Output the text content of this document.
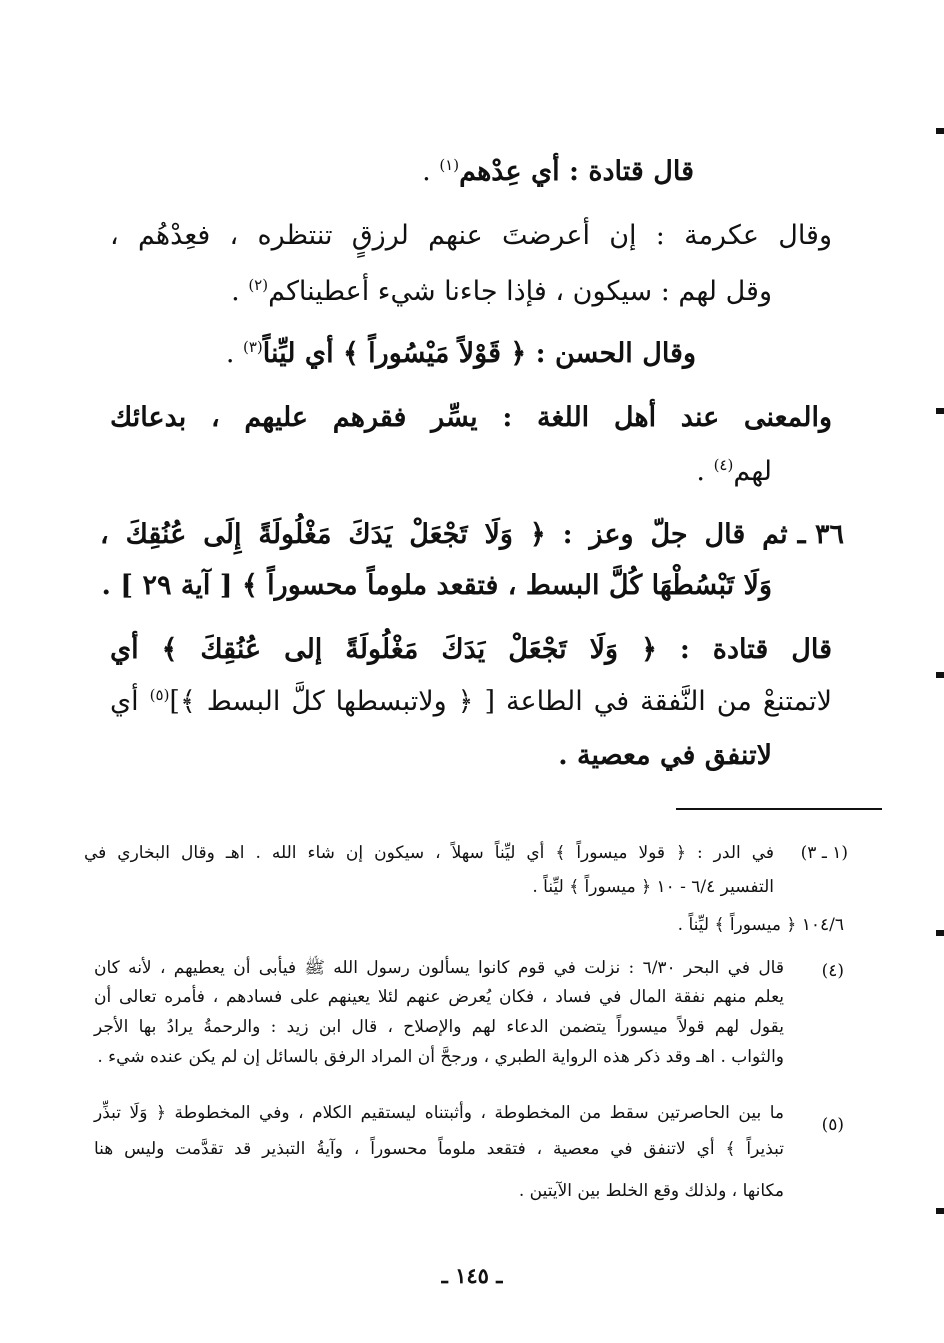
قال قتادة : أي عِدْهم$^{(١)}$ .
وقال عكرمة : إن أعرضتَ عنهم لرزقٍ تنتظره ، فعِدْهُم ،
وقل لهم : سيكون ، فإذا جاءنا شيء أعطيناكم$^{(٢)}$ .
وقال الحسن : ﴿ قَوْلاً مَيْسُوراً ﴾ أي ليِّناً$^{(٣)}$ .
والمعنى عند أهل اللغة : يسِّر فقرهم عليهم ، بدعائك
لهم$^{(٤)}$ .
٣٦ ـثم قال جلّ وعز : ﴿ وَلَا تَجْعَلْ يَدَكَ مَغْلُولَةً إِلَى عُنُقِكَ ،
وَلَا تَبْسُطْهَا كُلَّ البسط ، فتقعد ملوماً محسوراً ﴾ [ آية ٢٩ ] .
قال قتادة : ﴿ وَلَا تَجْعَلْ يَدَكَ مَغْلُولَةً إلى عُنُقِكَ ﴾ أي
لاتمتنعْ من النَّفقة في الطاعة [ ﴿ ولاتبسطها كلَّ البسط ﴾]$^{(٥)}$ أي
لاتنفق في معصية .
(١ ـ ٣)
في الدر : ﴿ قولا ميسوراً ﴾ أي ليِّناً سهلاً ، سيكون إن شاء الله . اهـ وقال البخاري في
التفسير ٦/٤ - ١٠ ﴿ ميسوراً ﴾ ليِّناً .
١٠٤/٦ ﴿ ميسوراً ﴾ ليِّناً .
(٤)
قال في البحر ٦/٣٠ : نزلت في قوم كانوا يسألون رسول الله ﷺ فيأبى أن يعطيهم ، لأنه كان
يعلم منهم نفقة المال في فساد ، فكان يُعرض عنهم لئلا يعينهم على فسادهم ، فأمره تعالى أن
يقول لهم قولاً ميسوراً يتضمن الدعاء لهم والإصلاح ، قال ابن زيد : والرحمةُ يرادُ بها الأجر
والثواب . اهـ وقد ذكر هذه الرواية الطبري ، ورجحَّ أن المراد الرفق بالسائل إن لم يكن عنده شيء .
(٥)
ما بين الحاصرتين سقط من المخطوطة ، وأثبتناه ليستقيم الكلام ، وفي المخطوطة ﴿ وَلَا تبذِّر
تبذيراً ﴾ أي لاتنفق في معصية ، فتقعد ملوماً محسوراً ، وآيةُ التبذير قد تقدَّمت وليس هنا
مكانها ، ولذلك وقع الخلط بين الآيتين .
ـ ١٤٥ ـ
